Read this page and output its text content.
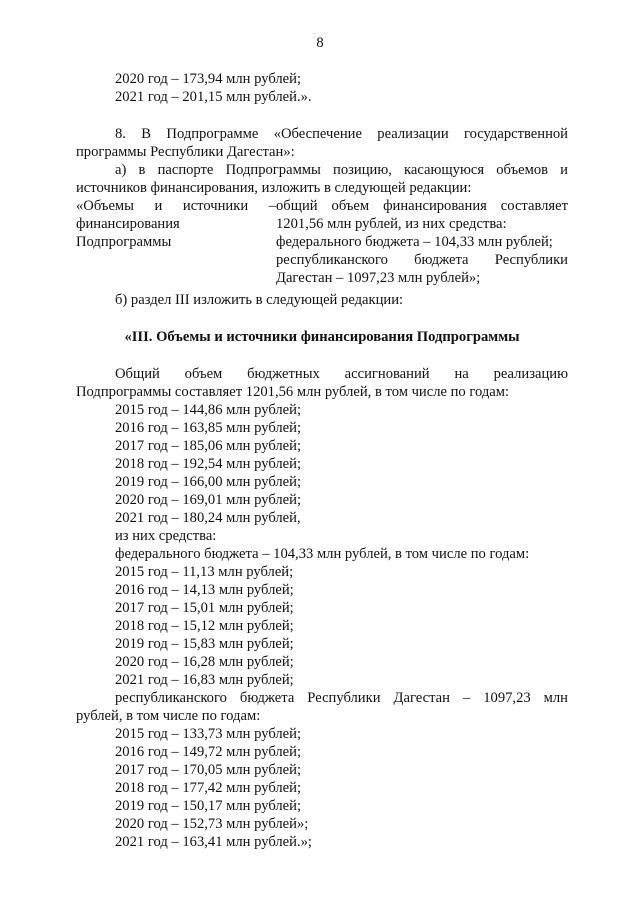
8
2020 год – 173,94 млн рублей;
2021 год – 201,15 млн рублей.».
8. В Подпрограмме «Обеспечение реализации государственной
программы Республики Дагестан»:
а) в паспорте Подпрограммы позицию, касающуюся объемов и
источников финансирования, изложить в следующей редакции:
«Объемы и источники –
финансирования
Подпрограммы
общий объем финансирования составляет
1201,56 млн рублей, из них средства:
федерального бюджета – 104,33 млн рублей;
республиканского бюджета Республики
Дагестан – 1097,23 млн рублей»;
б) раздел III изложить в следующей редакции:
«III. Объемы и источники финансирования Подпрограммы
Общий объем бюджетных ассигнований на реализацию
Подпрограммы составляет 1201,56 млн рублей, в том числе по годам:
2015 год – 144,86 млн рублей;
2016 год – 163,85 млн рублей;
2017 год – 185,06 млн рублей;
2018 год – 192,54 млн рублей;
2019 год – 166,00 млн рублей;
2020 год – 169,01 млн рублей;
2021 год – 180,24 млн рублей,
из них средства:
федерального бюджета – 104,33 млн рублей, в том числе по годам:
2015 год – 11,13 млн рублей;
2016 год – 14,13 млн рублей;
2017 год – 15,01 млн рублей;
2018 год – 15,12 млн рублей;
2019 год – 15,83 млн рублей;
2020 год – 16,28 млн рублей;
2021 год – 16,83 млн рублей;
республиканского бюджета Республики Дагестан – 1097,23 млн
рублей, в том числе по годам:
2015 год – 133,73 млн рублей;
2016 год – 149,72 млн рублей;
2017 год – 170,05 млн рублей;
2018 год – 177,42 млн рублей;
2019 год – 150,17 млн рублей;
2020 год – 152,73 млн рублей»;
2021 год – 163,41 млн рублей.»;
